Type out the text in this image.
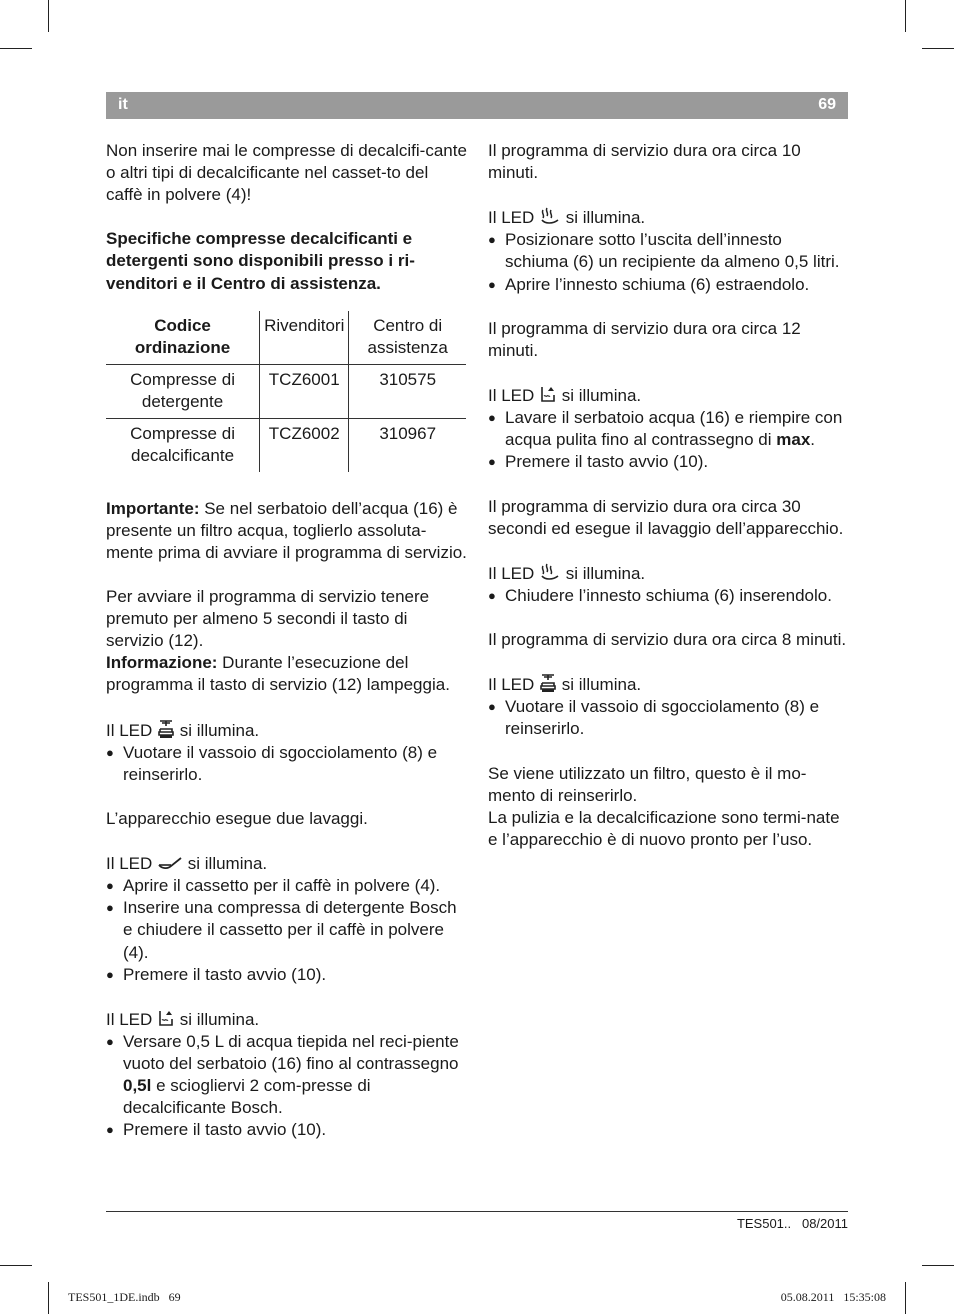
it	69

Non inserire mai le compresse di decalcifi-cante o altri tipi di decalcificante nel casset-to del caffè in polvere (4)!

Specifiche compresse decalcificanti e detergenti sono disponibili presso i ri-venditori e il Centro di assistenza.

Codice ordinazione	Rivenditori	Centro di assistenza
Compresse di detergente	TCZ6001	310575
Compresse di decalcificante	TCZ6002	310967

Importante: Se nel serbatoio dell’acqua (16) è presente un filtro acqua, toglierlo assoluta-mente prima di avviare il programma di servizio.

Per avviare il programma di servizio tenere premuto per almeno 5 secondi il tasto di servizio (12).

Informazione: Durante l’esecuzione del programma il tasto di servizio (12) lampeggia.

Il LED si illumina.

● Vuotare il vassoio di sgocciolamento (8) e reinserirlo.

L’apparecchio esegue due lavaggi.

Il LED si illumina.

● Aprire il cassetto per il caffè in polvere (4).
● Inserire una compressa di detergente Bosch e chiudere il cassetto per il caffè in polvere (4).
● Premere il tasto avvio (10).

Il LED si illumina.

● Versare 0,5 L di acqua tiepida nel reci-piente vuoto del serbatoio (16) fino al contrassegno 0,5l e sciogliervi 2 com-presse di decalcificante Bosch.
● Premere il tasto avvio (10).

Il programma di servizio dura ora circa 10 minuti.

Il LED si illumina.

● Posizionare sotto l’uscita dell’innesto schiuma (6) un recipiente da almeno 0,5 litri.
● Aprire l’innesto schiuma (6) estraendolo.

Il programma di servizio dura ora circa 12 minuti.

Il LED si illumina.

● Lavare il serbatoio acqua (16) e riempire con acqua pulita fino al contrassegno di max.
● Premere il tasto avvio (10).

Il programma di servizio dura ora circa 30 secondi ed esegue il lavaggio dell’apparecchio.

Il LED si illumina.

● Chiudere l’innesto schiuma (6) inserendolo.

Il programma di servizio dura ora circa 8 minuti.

Il LED si illumina.

● Vuotare il vassoio di sgocciolamento (8) e reinserirlo.

Se viene utilizzato un filtro, questo è il mo-mento di reinserirlo.

La pulizia e la decalcificazione sono termi-nate e l’apparecchio è di nuovo pronto per l’uso.

TES501..   08/2011
TES501_1DE.indb   69	05.08.2011   15:35:08
